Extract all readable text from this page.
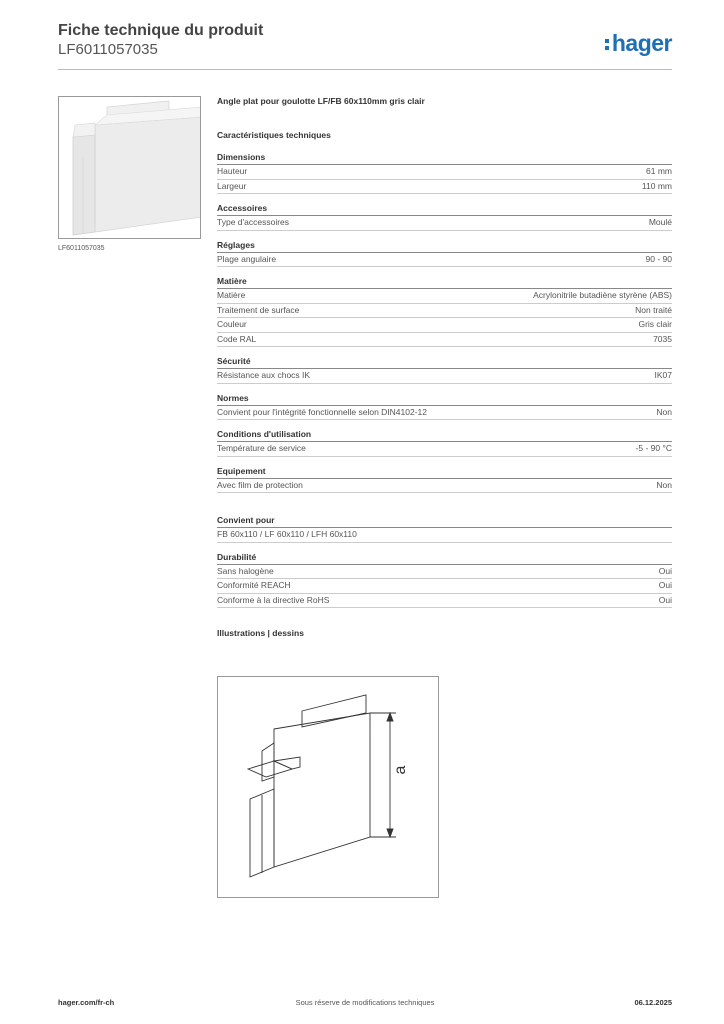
Fiche technique du produit
LF6011057035	hager
LF6011057035
Angle plat pour goulotte LF/FB 60x110mm gris clair
Caractéristiques techniques
Dimensions
Hauteur	61 mm
Largeur	110 mm
Accessoires
Type d'accessoires	Moulé
Réglages
Plage angulaire	90 - 90
Matière
Matière	Acrylonitrile butadiène styrène (ABS)
Traitement de surface	Non traité
Couleur	Gris clair
Code RAL	7035
Sécurité
Résistance aux chocs IK	IK07
Normes
Convient pour l'intégrité fonctionnelle selon DIN4102-12	Non
Conditions d'utilisation
Température de service	-5 - 90 °C
Equipement
Avec film de protection	Non
Convient pour
FB 60x110 / LF 60x110 / LFH 60x110
Durabilité
Sans halogène	Oui
Conformité REACH	Oui
Conforme à la directive RoHS	Oui
Illustrations | dessins
a
hager.com/fr-ch	Sous réserve de modifications techniques	06.12.2025
